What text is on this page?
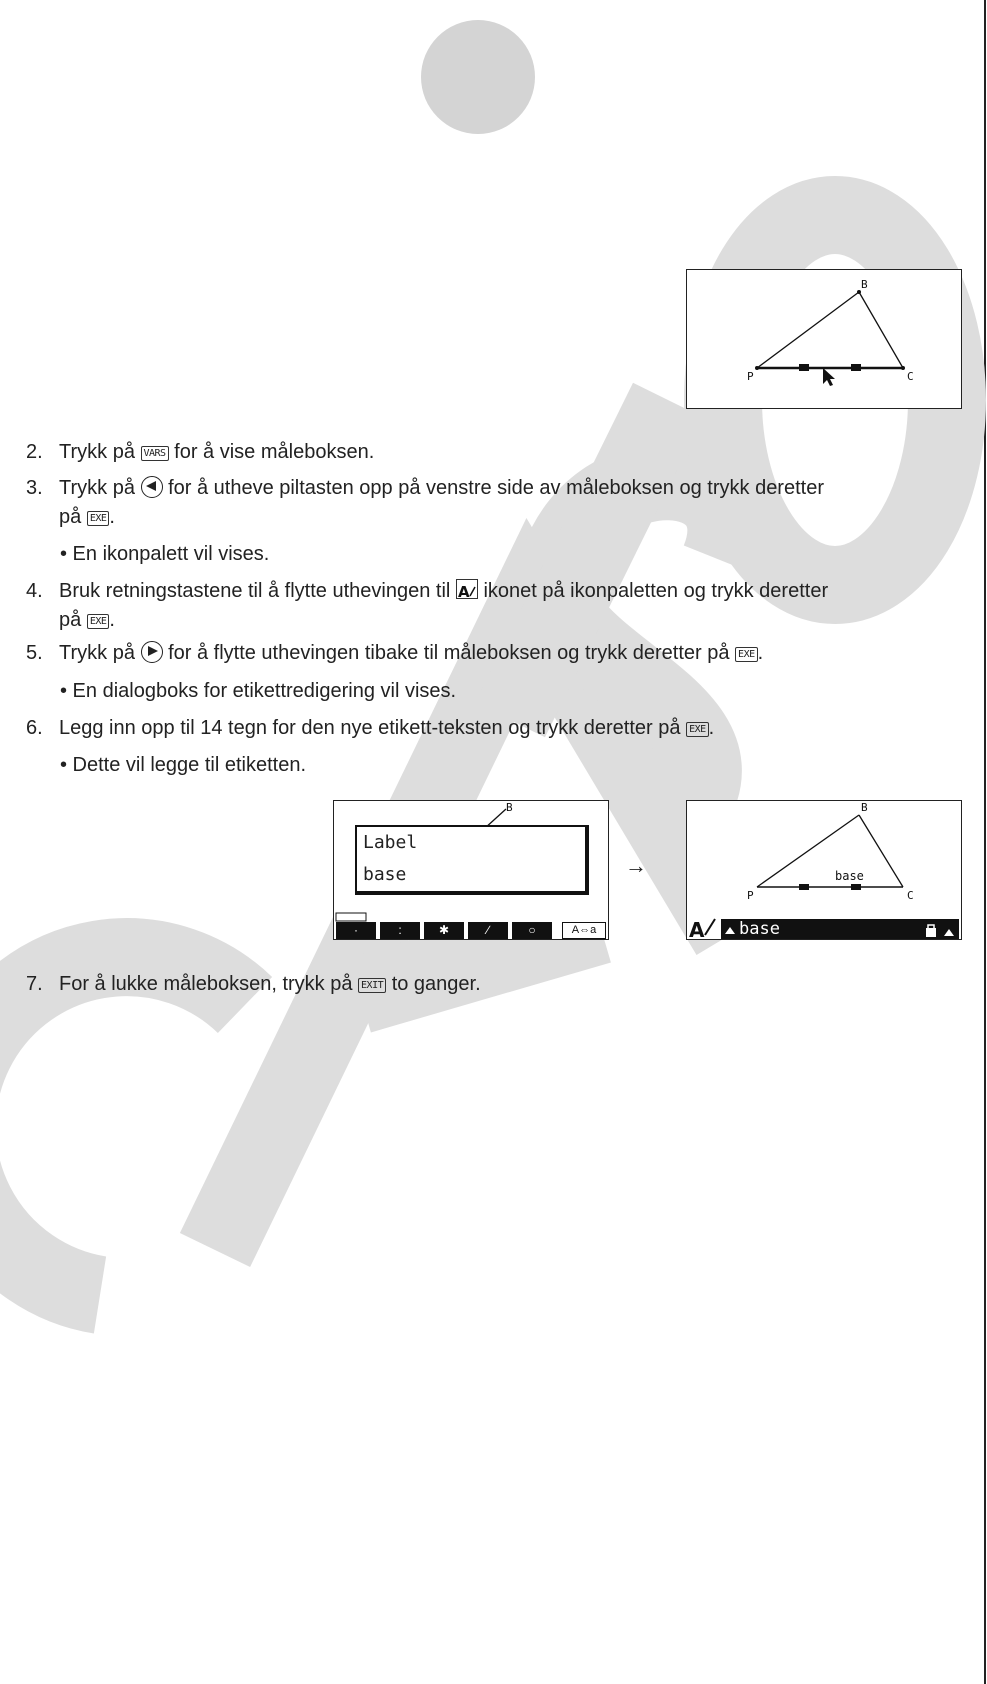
B
P	C
2. Trykk på VARS for å vise måleboksen.
3. Trykk på for å utheve piltasten opp på venstre side av måleboksen og trykk deretter
på EXE .
• En ikonpalett vil vises.
4. Bruk retningstastene til å flytte uthevingen til A ikonet på ikonpaletten og trykk deretter
på EXE .
5. Trykk på for å flytte uthevingen tibake til måleboksen og trykk deretter på EXE .
• En dialogboks for etikettredigering vil vises.
6. Legg inn opp til 14 tegn for den nye etikett-teksten og trykk deretter på EXE .
• Dette vil legge til etiketten.
B
Label
base
·	:	✱	∕	○	A⇔a
→	base
B
P	C
A	base
7. For å lukke måleboksen, trykk på EXIT to ganger.
